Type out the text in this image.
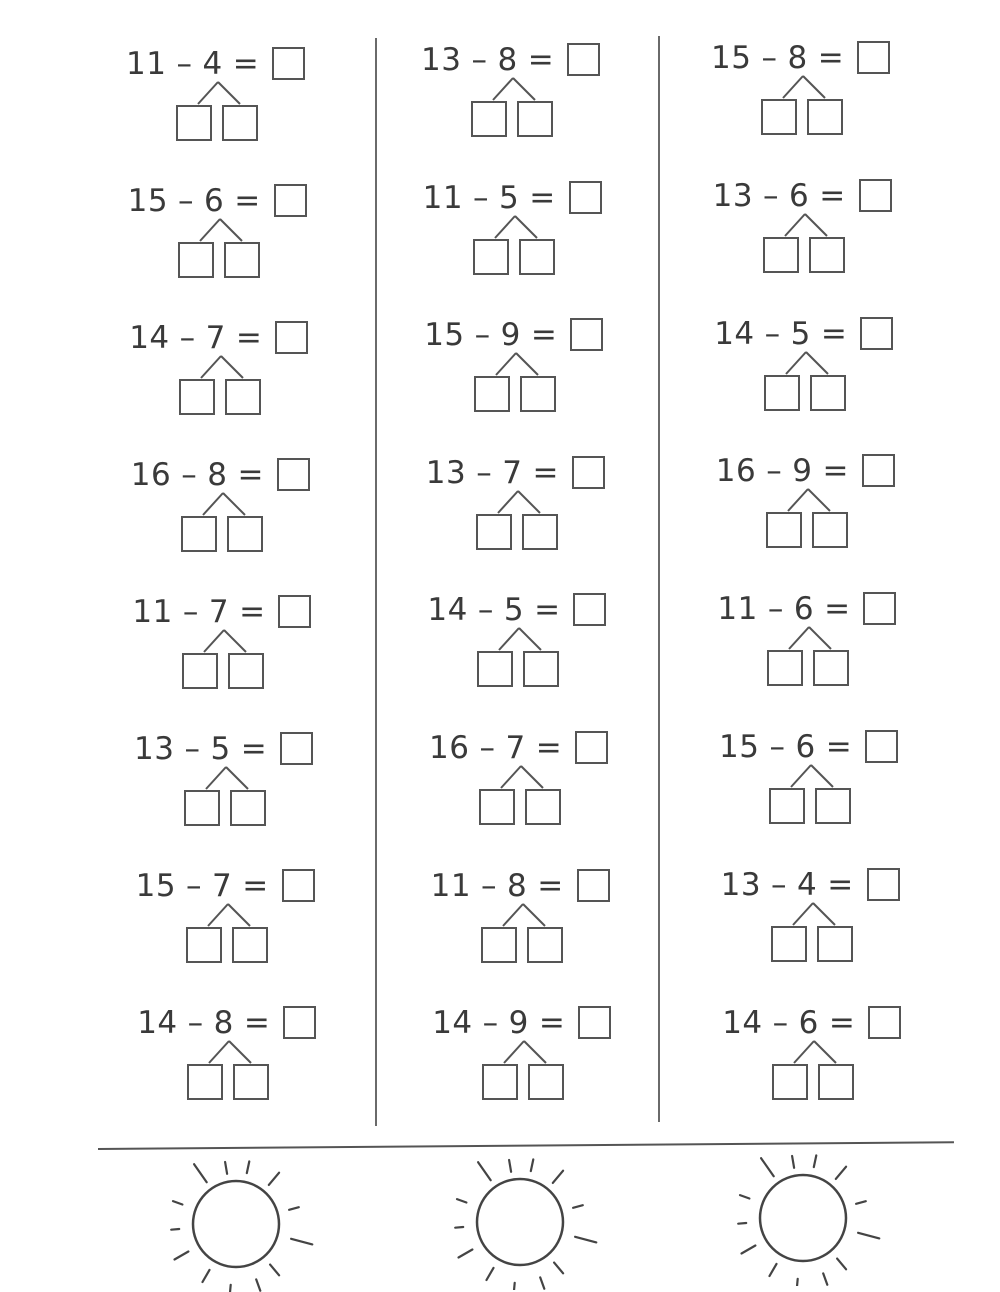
11 – 4 =
15 – 6 =
14 – 7 =
16 – 8 =
11 – 7 =
13 – 5 =
15 – 7 =
14 – 8 =
13 – 8 =
11 – 5 =
15 – 9 =
13 – 7 =
14 – 5 =
16 – 7 =
11 – 8 =
14 – 9 =
15 – 8 =
13 – 6 =
14 – 5 =
16 – 9 =
11 – 6 =
15 – 6 =
13 – 4 =
14 – 6 =
